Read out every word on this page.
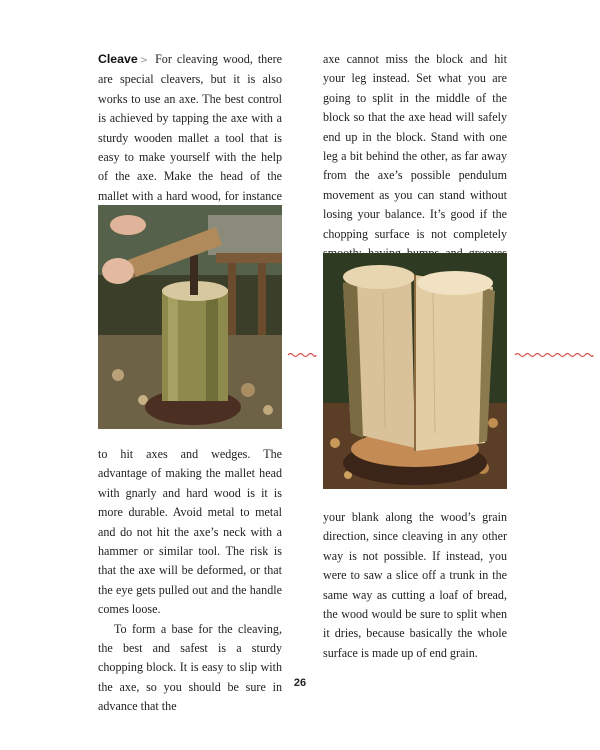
Cleave > For cleaving wood, there are special cleavers, but it is also works to use an axe. The best control is achieved by tapping the axe with a sturdy wooden mallet a tool that is easy to make yourself with the help of the axe. Make the head of the mallet with a hard wood, for instance

to hit axes and wedges. The advantage of making the mallet head with gnarly and hard wood is it is more durable. Avoid metal to metal and do not hit the axe’s neck with a hammer or similar tool. The risk is that the axe will be deformed, or that the eye gets pulled out and the handle comes loose.

To form a base for the cleaving, the best and safest is a sturdy chopping block. It is easy to slip with the axe, so you should be sure in advance that the

axe cannot miss the block and hit your leg instead. Set what you are going to split in the middle of the block so that the axe head will safely end up in the block. Stand with one leg a bit behind the other, as far away from the axe’s possible pendulum movement as you can stand without losing your balance. It’s good if the chopping surface is not completely

your blank along the wood’s grain direction, since cleaving in any other way is not possible. If instead, you were to saw a slice off a trunk in the same way as cutting a loaf of bread, the wood would be sure to split when it dries, because basically the whole surface is made up of end grain.

26
